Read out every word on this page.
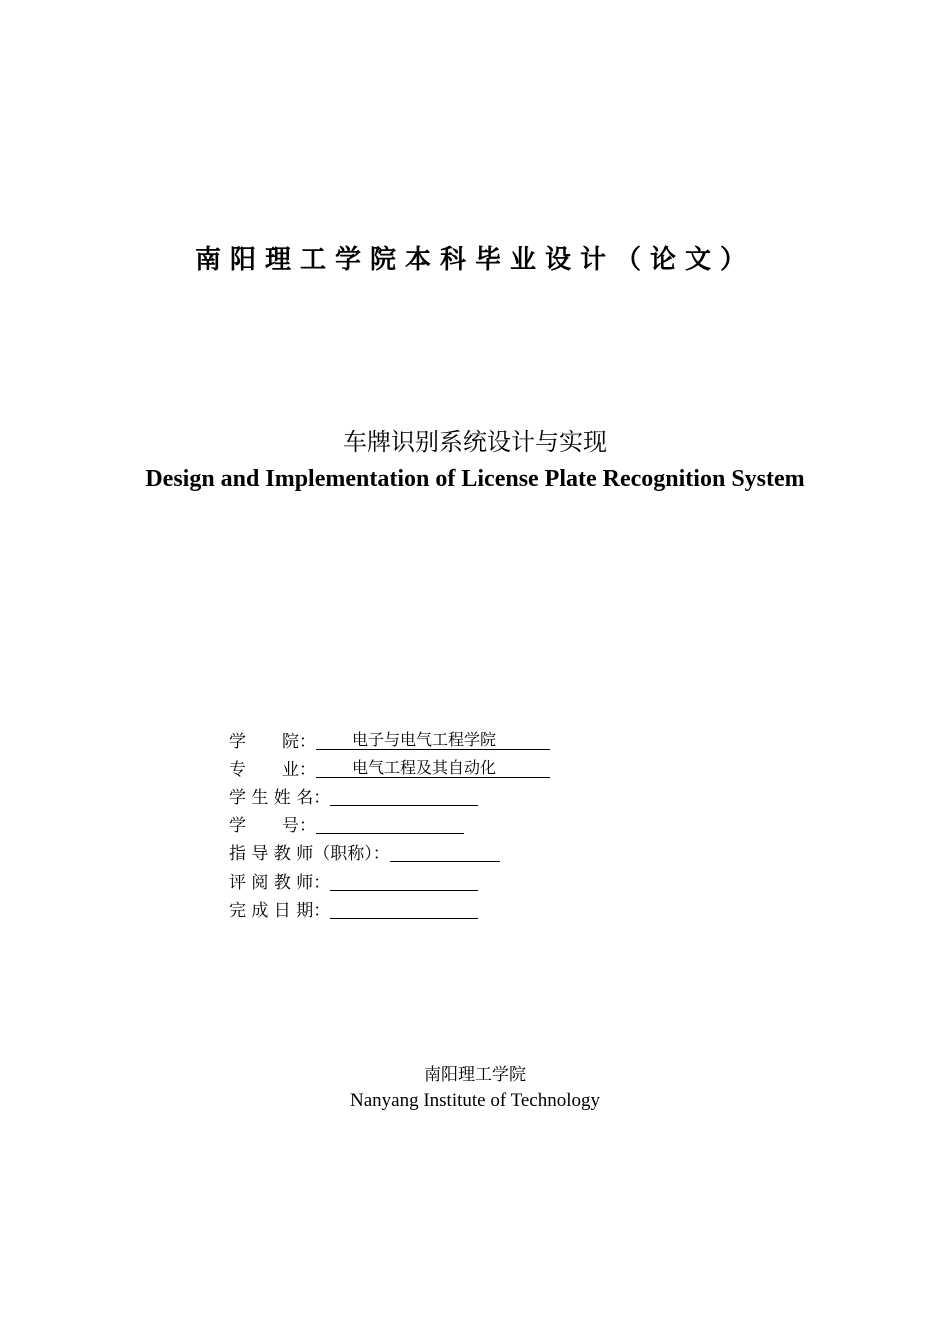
南阳理工学院本科毕业设计（论文）
车牌识别系统设计与实现
Design and Implementation of License Plate Recognition System
学 院： 电子与电气工程学院
专 业： 电气工程及其自动化
学 生 姓 名：
学 号：
指 导 教 师（职称）：
评 阅 教 师：
完 成 日 期：
南阳理工学院
Nanyang Institute of Technology
